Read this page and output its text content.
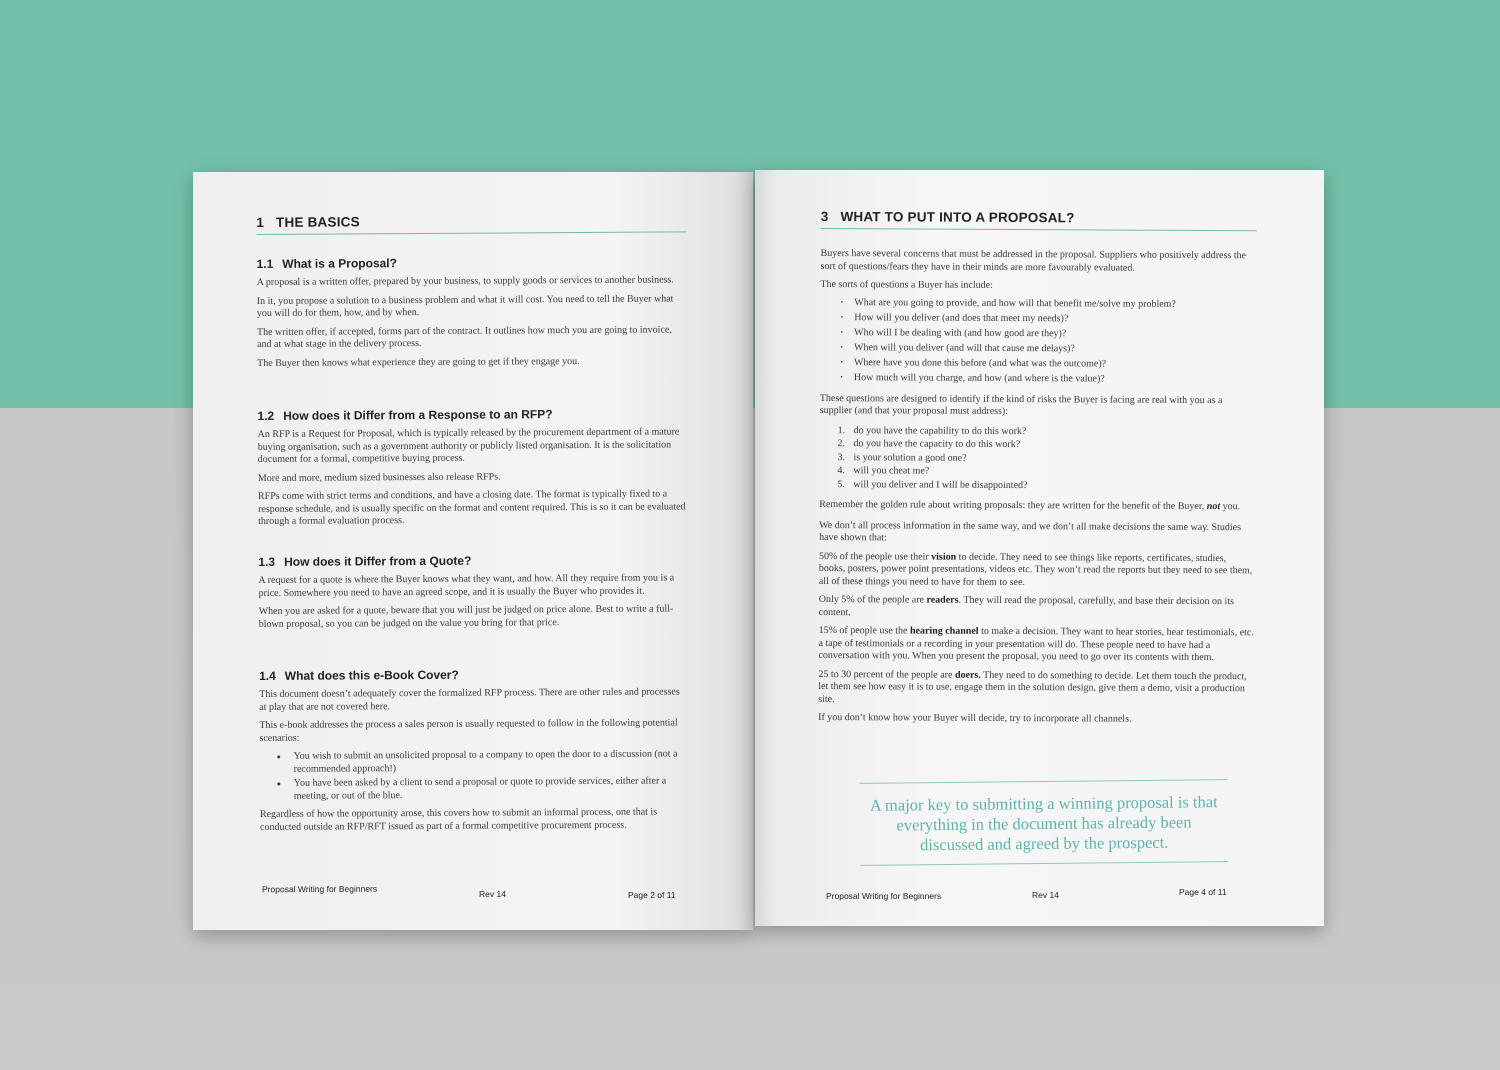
1 THE BASICS
1.1 What is a Proposal?

A proposal is a written offer, prepared by your business, to supply goods or services to another business.

In it, you propose a solution to a business problem and what it will cost. You need to tell the Buyer what you will do for them, how, and by when.

The written offer, if accepted, forms part of the contract. It outlines how much you are going to invoice, and at what stage in the delivery process.

The Buyer then knows what experience they are going to get if they engage you.

1.2 How does it Differ from a Response to an RFP?

An RFP is a Request for Proposal, which is typically released by the procurement department of a mature buying organisation, such as a government authority or publicly listed organisation. It is the solicitation document for a formal, competitive buying process.

More and more, medium sized businesses also release RFPs.

RFPs come with strict terms and conditions, and have a closing date. The format is typically fixed to a response schedule, and is usually specific on the format and content required. This is so it can be evaluated through a formal evaluation process.

1.3 How does it Differ from a Quote?

A request for a quote is where the Buyer knows what they want, and how. All they require from you is a price. Somewhere you need to have an agreed scope, and it is usually the Buyer who provides it.

When you are asked for a quote, beware that you will just be judged on price alone. Best to write a full-blown proposal, so you can be judged on the value you bring for that price.

1.4 What does this e-Book Cover?

This document doesn’t adequately cover the formalized RFP process. There are other rules and processes at play that are not covered here.

This e-book addresses the process a sales person is usually requested to follow in the following potential scenarios:

● You wish to submit an unsolicited proposal to a company to open the door to a discussion (not a recommended approach!)
● You have been asked by a client to send a proposal or quote to provide services, either after a meeting, or out of the blue.

Regardless of how the opportunity arose, this covers how to submit an informal process, one that is conducted outside an RFP/RFT issued as part of a formal competitive procurement process.

Proposal Writing for Beginners	Rev 14	Page 2 of 11
3 WHAT TO PUT INTO A PROPOSAL?

Buyers have several concerns that must be addressed in the proposal. Suppliers who positively address the sort of questions/fears they have in their minds are more favourably evaluated.

The sorts of questions a Buyer has include:

· What are you going to provide, and how will that benefit me/solve my problem?
· How will you deliver (and does that meet my needs)?
· Who will I be dealing with (and how good are they)?
· When will you deliver (and will that cause me delays)?
· Where have you done this before (and what was the outcome)?
· How much will you charge, and how (and where is the value)?

These questions are designed to identify if the kind of risks the Buyer is facing are real with you as a supplier (and that your proposal must address):

1. do you have the capability to do this work?
2. do you have the capacity to do this work?
3. is your solution a good one?
4. will you cheat me?
5. will you deliver and I will be disappointed?

Remember the golden rule about writing proposals: they are written for the benefit of the Buyer, not you.

We don’t all process information in the same way, and we don’t all make decisions the same way. Studies have shown that:

50% of the people use their vision to decide. They need to see things like reports, certificates, studies, books, posters, power point presentations, videos etc. They won’t read the reports but they need to see them, all of these things you need to have for them to see.

Only 5% of the people are readers. They will read the proposal, carefully, and base their decision on its content.

15% of people use the hearing channel to make a decision. They want to hear stories, hear testimonials, etc. a tape of testimonials or a recording in your presentation will do. These people need to have had a conversation with you. When you present the proposal, you need to go over its contents with them.

25 to 30 percent of the people are doers. They need to do something to decide. Let them touch the product, let them see how easy it is to use, engage them in the solution design, give them a demo, visit a production site.

If you don’t know how your Buyer will decide, try to incorporate all channels.

A major key to submitting a winning proposal is that everything in the document has already been discussed and agreed by the prospect.
Proposal Writing for Beginners	Rev 14	Page 4 of 11
